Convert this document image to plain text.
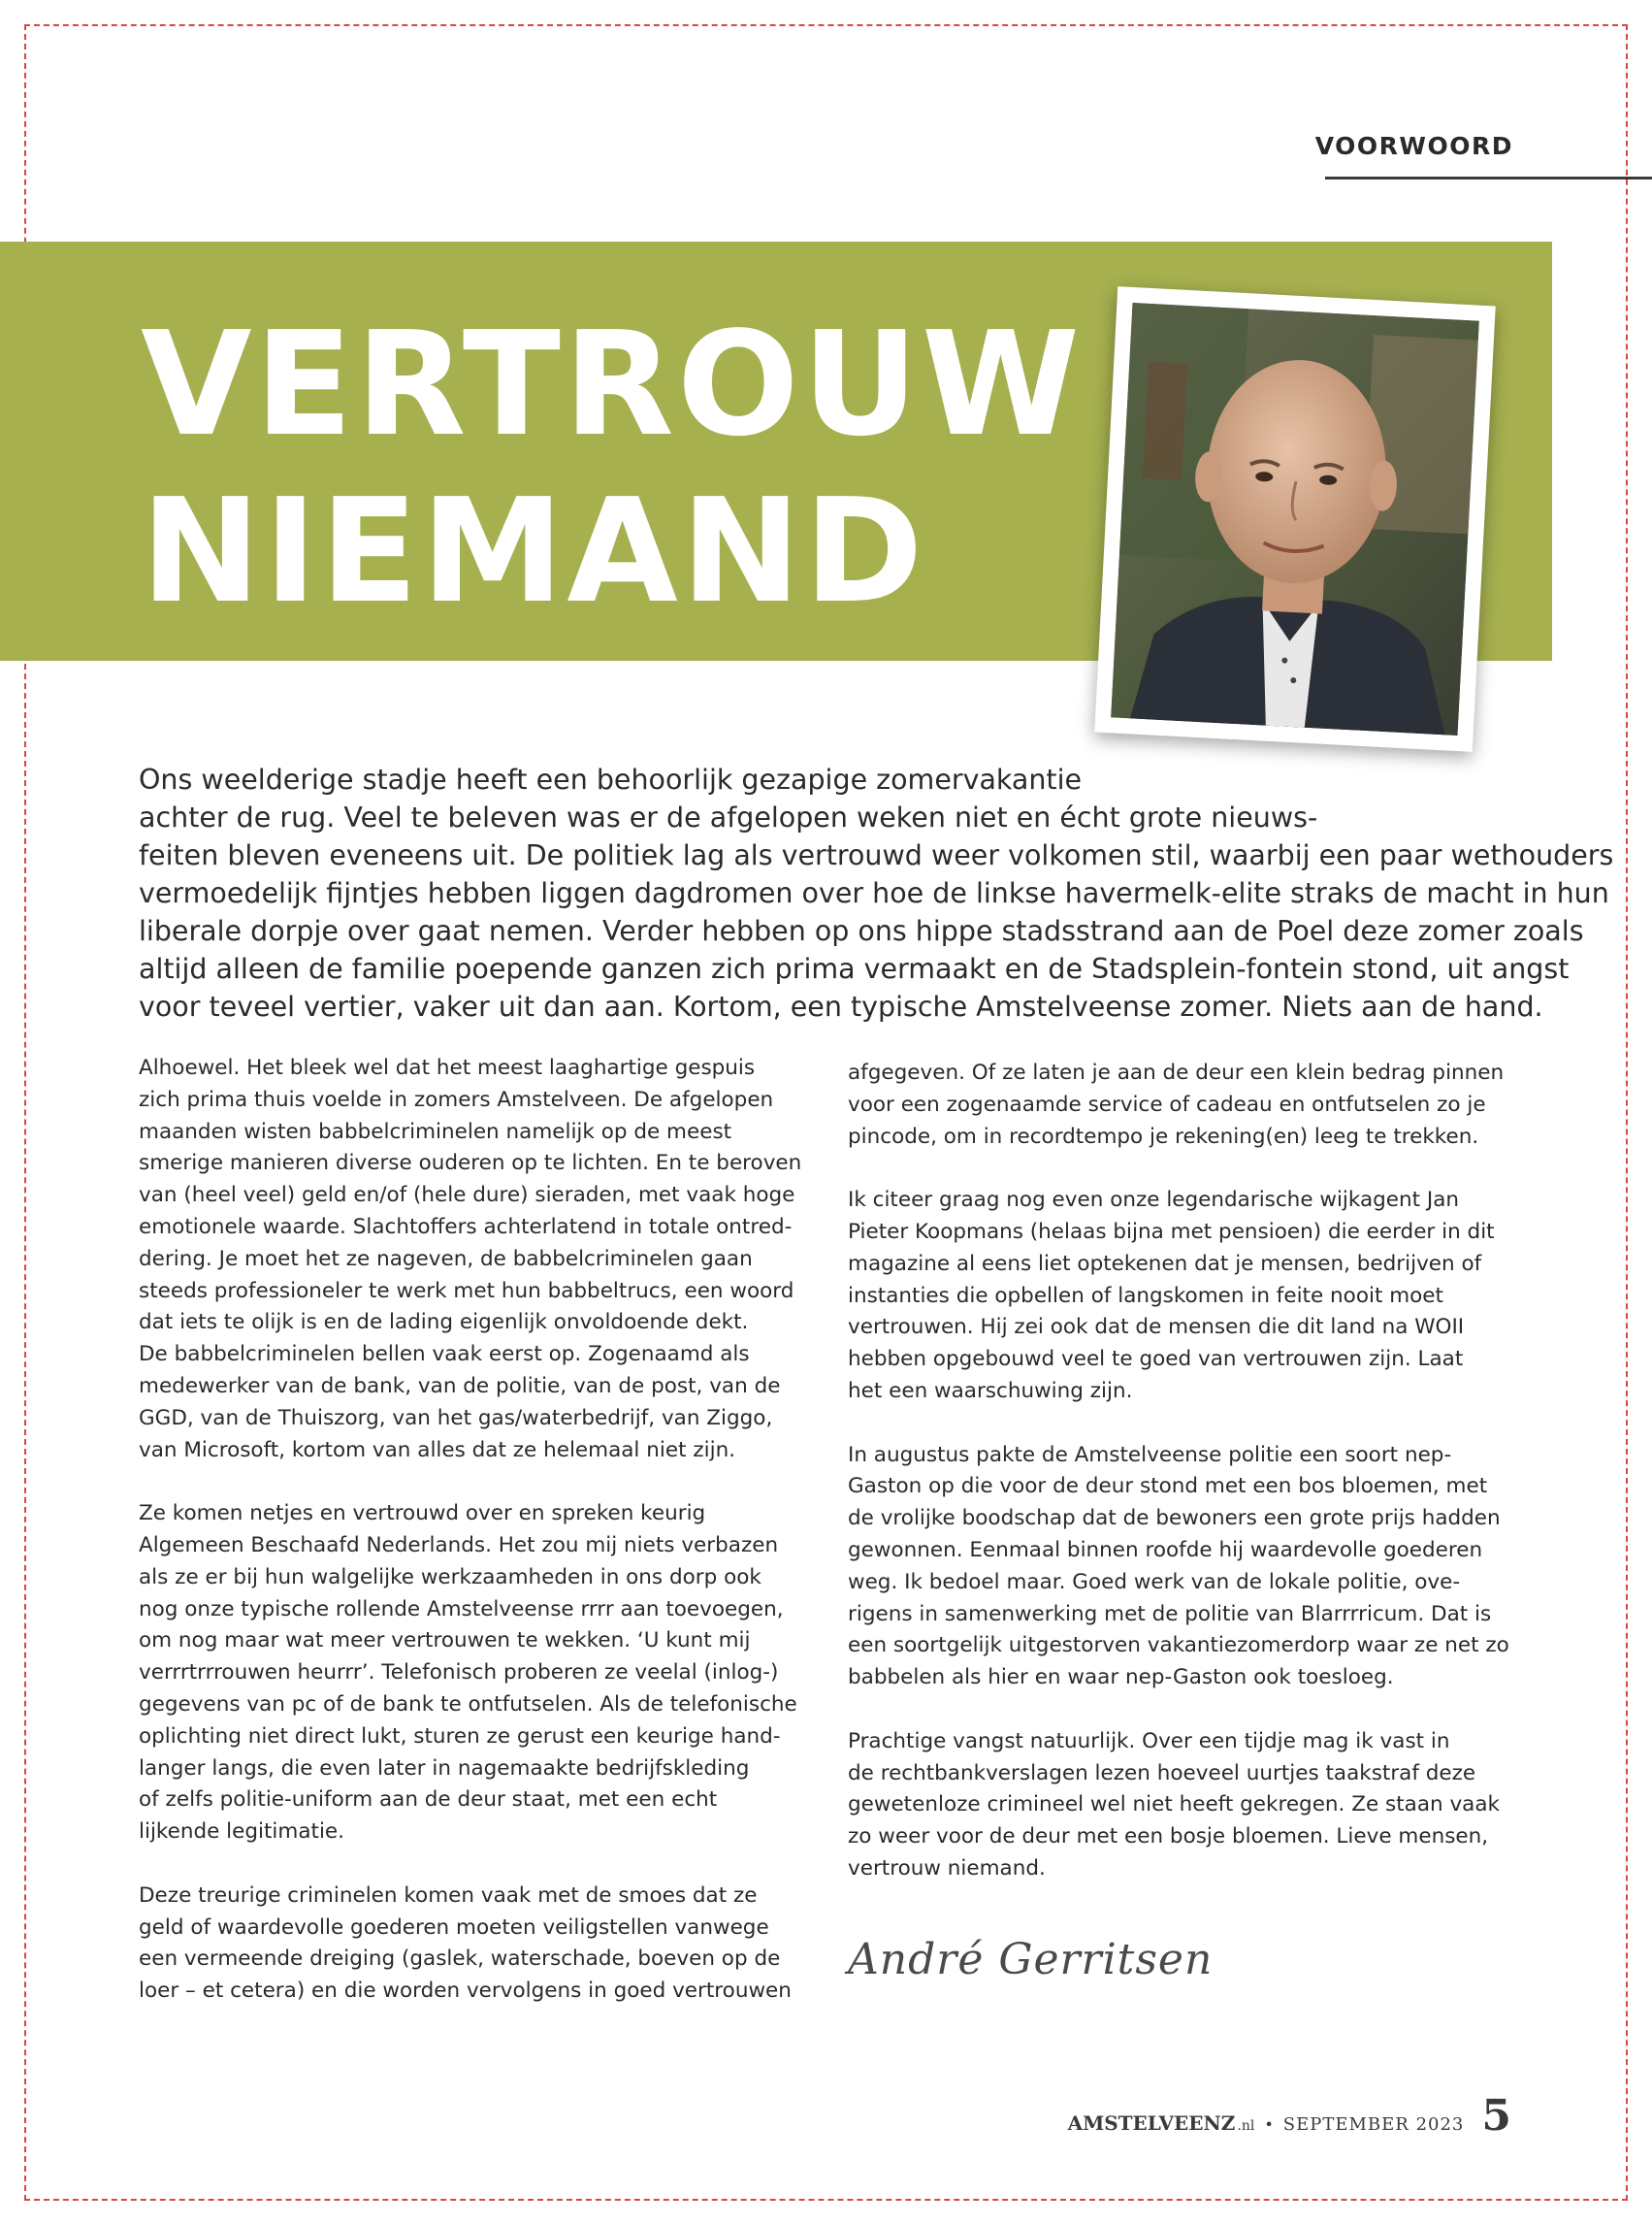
VOORWOORD
VERTROUW
NIEMAND
Ons weelderige stadje heeft een behoorlijk gezapige zomervakantie
achter de rug. Veel te beleven was er de afgelopen weken niet en écht grote nieuws-
feiten bleven eveneens uit. De politiek lag als vertrouwd weer volkomen stil, waarbij een paar wethouders
vermoedelijk fijntjes hebben liggen dagdromen over hoe de linkse havermelk-elite straks de macht in hun
liberale dorpje over gaat nemen. Verder hebben op ons hippe stadsstrand aan de Poel deze zomer zoals
altijd alleen de familie poepende ganzen zich prima vermaakt en de Stadsplein-fontein stond, uit angst
voor teveel vertier, vaker uit dan aan. Kortom, een typische Amstelveense zomer. Niets aan de hand.

Alhoewel. Het bleek wel dat het meest laaghartige gespuis
zich prima thuis voelde in zomers Amstelveen. De afgelopen
maanden wisten babbelcriminelen namelijk op de meest
smerige manieren diverse ouderen op te lichten. En te beroven
van (heel veel) geld en/of (hele dure) sieraden, met vaak hoge
emotionele waarde. Slachtoffers achterlatend in totale ontred-
dering. Je moet het ze nageven, de babbelcriminelen gaan
steeds professioneler te werk met hun babbeltrucs, een woord
dat iets te olijk is en de lading eigenlijk onvoldoende dekt.
De babbelcriminelen bellen vaak eerst op. Zogenaamd als
medewerker van de bank, van de politie, van de post, van de
GGD, van de Thuiszorg, van het gas/waterbedrijf, van Ziggo,
van Microsoft, kortom van alles dat ze helemaal niet zijn.

Ze komen netjes en vertrouwd over en spreken keurig
Algemeen Beschaafd Nederlands. Het zou mij niets verbazen
als ze er bij hun walgelijke werkzaamheden in ons dorp ook
nog onze typische rollende Amstelveense rrrr aan toevoegen,
om nog maar wat meer vertrouwen te wekken. ‘U kunt mij
verrrtrrrouwen heurrr’. Telefonisch proberen ze veelal (inlog-)
gegevens van pc of de bank te ontfutselen. Als de telefonische
oplichting niet direct lukt, sturen ze gerust een keurige hand-
langer langs, die even later in nagemaakte bedrijfskleding
of zelfs politie-uniform aan de deur staat, met een echt
lijkende legitimatie.

Deze treurige criminelen komen vaak met de smoes dat ze
geld of waardevolle goederen moeten veiligstellen vanwege
een vermeende dreiging (gaslek, waterschade, boeven op de
loer – et cetera) en die worden vervolgens in goed vertrouwen

afgegeven. Of ze laten je aan de deur een klein bedrag pinnen
voor een zogenaamde service of cadeau en ontfutselen zo je
pincode, om in recordtempo je rekening(en) leeg te trekken.

Ik citeer graag nog even onze legendarische wijkagent Jan
Pieter Koopmans (helaas bijna met pensioen) die eerder in dit
magazine al eens liet optekenen dat je mensen, bedrijven of
instanties die opbellen of langskomen in feite nooit moet
vertrouwen. Hij zei ook dat de mensen die dit land na WOII
hebben opgebouwd veel te goed van vertrouwen zijn. Laat
het een waarschuwing zijn.

In augustus pakte de Amstelveense politie een soort nep-
Gaston op die voor de deur stond met een bos bloemen, met
de vrolijke boodschap dat de bewoners een grote prijs hadden
gewonnen. Eenmaal binnen roofde hij waardevolle goederen
weg. Ik bedoel maar. Goed werk van de lokale politie, ove-
rigens in samenwerking met de politie van Blarrrricum. Dat is
een soortgelijk uitgestorven vakantiezomerdorp waar ze net zo
babbelen als hier en waar nep-Gaston ook toesloeg.

Prachtige vangst natuurlijk. Over een tijdje mag ik vast in
de rechtbankverslagen lezen hoeveel uurtjes taakstraf deze
gewetenloze crimineel wel niet heeft gekregen. Ze staan vaak
zo weer voor de deur met een bosje bloemen. Lieve mensen,
vertrouw niemand.

André Gerritsen
AMSTELVEENZ .nl • SEPTEMBER 2023 5
